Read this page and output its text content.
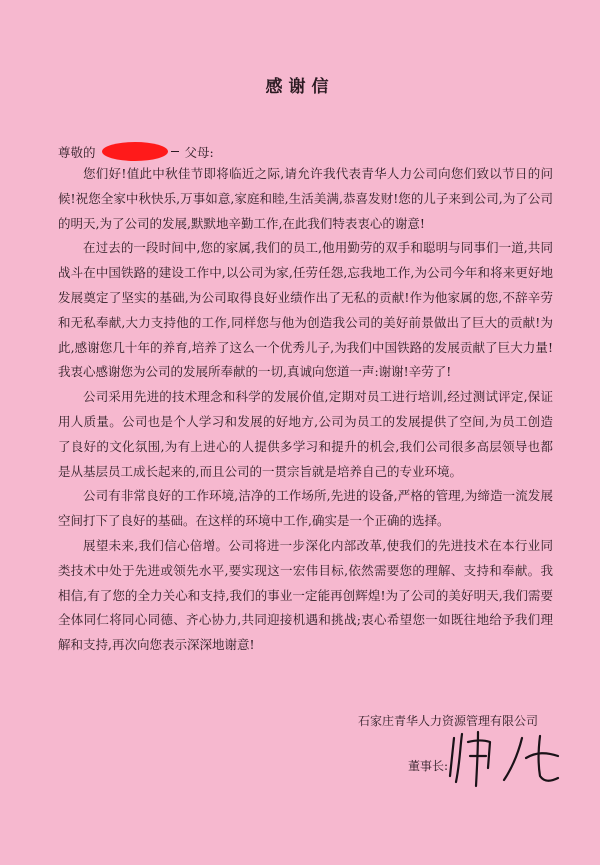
感谢信
尊敬的	父母:

您们好!值此中秋佳节即将临近之际,请允许我代表青华人力公司向您们致以节日的问候!祝您全家中秋快乐,万事如意,家庭和睦,生活美满,恭喜发财!您的儿子来到公司,为了公司的明天,为了公司的发展,默默地辛勤工作,在此我们特表衷心的谢意!

在过去的一段时间中,您的家属,我们的员工,他用勤劳的双手和聪明与同事们一道,共同战斗在中国铁路的建设工作中,以公司为家,任劳任怨,忘我地工作,为公司今年和将来更好地发展奠定了坚实的基础,为公司取得良好业绩作出了无私的贡献!作为他家属的您,不辞辛劳和无私奉献,大力支持他的工作,同样您与他为创造我公司的美好前景做出了巨大的贡献!为此,感谢您几十年的养育,培养了这么一个优秀儿子,为我们中国铁路的发展贡献了巨大力量!我衷心感谢您为公司的发展所奉献的一切,真诚向您道一声:谢谢!辛劳了!

公司采用先进的技术理念和科学的发展价值,定期对员工进行培训,经过测试评定,保证用人质量。公司也是个人学习和发展的好地方,公司为员工的发展提供了空间,为员工创造了良好的文化氛围,为有上进心的人提供多学习和提升的机会,我们公司很多高层领导也都是从基层员工成长起来的,而且公司的一贯宗旨就是培养自己的专业环境。

公司有非常良好的工作环境,洁净的工作场所,先进的设备,严格的管理,为缔造一流发展空间打下了良好的基础。在这样的环境中工作,确实是一个正确的选择。

展望未来,我们信心倍增。公司将进一步深化内部改革,使我们的先进技术在本行业同类技术中处于先进或领先水平,要实现这一宏伟目标,依然需要您的理解、支持和奉献。我相信,有了您的全力关心和支持,我们的事业一定能再创辉煌!为了公司的美好明天,我们需要全体同仁将同心同德、齐心协力,共同迎接机遇和挑战;衷心希望您一如既往地给予我们理解和支持,再次向您表示深深地谢意!

石家庄青华人力资源管理有限公司
董事长:
